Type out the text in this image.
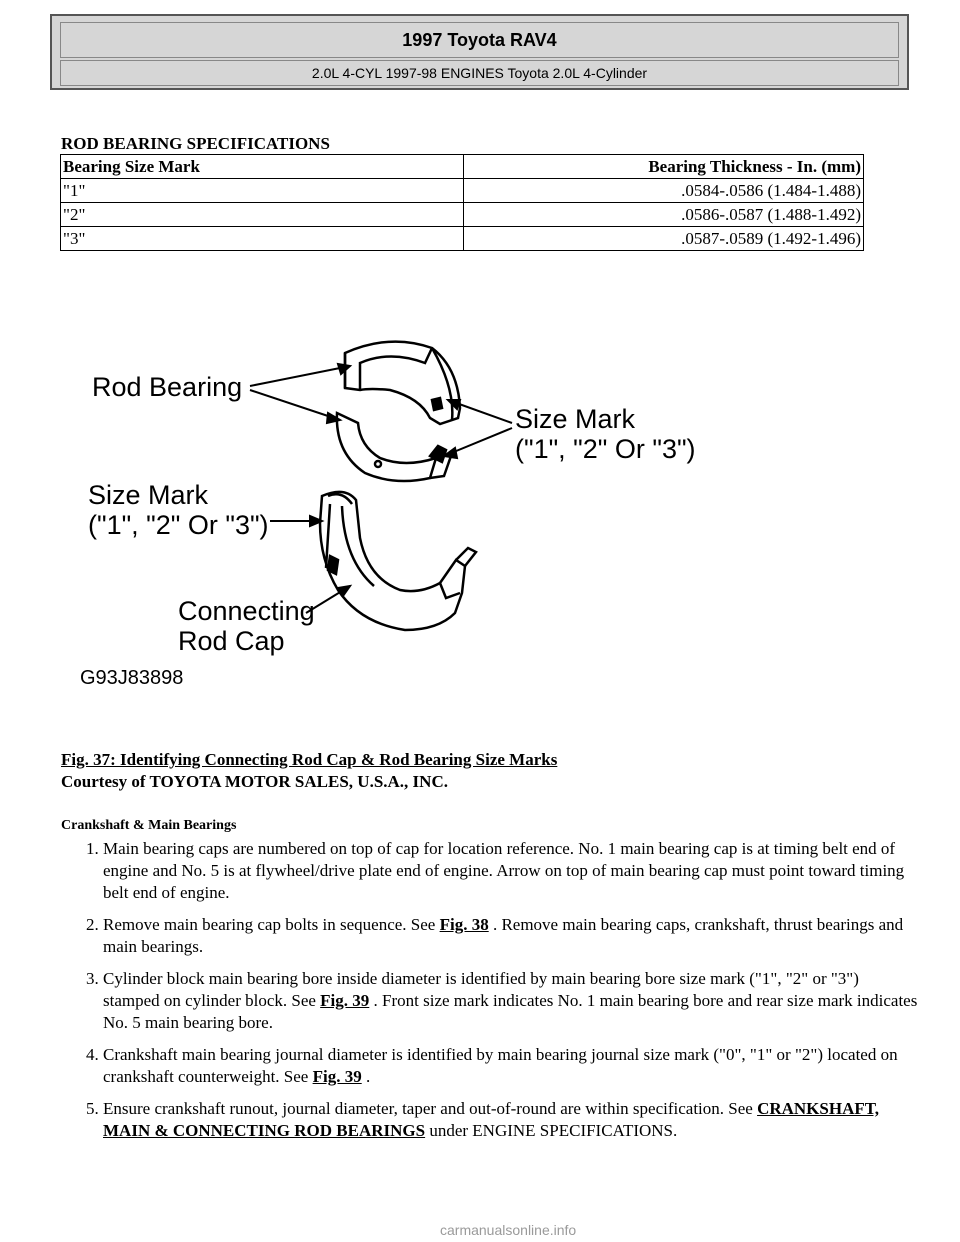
1997 Toyota RAV4
2.0L 4-CYL 1997-98 ENGINES Toyota 2.0L 4-Cylinder
ROD BEARING SPECIFICATIONS
Bearing Size Mark	Bearing Thickness - In. (mm)
"1"	.0584-.0586 (1.484-1.488)
"2"	.0586-.0587 (1.488-1.492)
"3"	.0587-.0589 (1.492-1.496)
Rod Bearing
Size Mark
("1", "2" Or "3")
Size Mark
("1", "2" Or "3")
Connecting
Rod Cap
G93J83898
Fig. 37: Identifying Connecting Rod Cap & Rod Bearing Size Marks
Courtesy of TOYOTA MOTOR SALES, U.S.A., INC.
Crankshaft & Main Bearings
1. Main bearing caps are numbered on top of cap for location reference. No. 1 main bearing cap is at timing belt end of engine and No. 5 is at flywheel/drive plate end of engine. Arrow on top of main bearing cap must point toward timing belt end of engine.
2. Remove main bearing cap bolts in sequence. See Fig. 38 . Remove main bearing caps, crankshaft, thrust bearings and main bearings.
3. Cylinder block main bearing bore inside diameter is identified by main bearing bore size mark ("1", "2" or "3") stamped on cylinder block. See Fig. 39 . Front size mark indicates No. 1 main bearing bore and rear size mark indicates No. 5 main bearing bore.
4. Crankshaft main bearing journal diameter is identified by main bearing journal size mark ("0", "1" or "2") located on crankshaft counterweight. See Fig. 39 .
5. Ensure crankshaft runout, journal diameter, taper and out-of-round are within specification. See CRANKSHAFT, MAIN & CONNECTING ROD BEARINGS under ENGINE SPECIFICATIONS.
carmanualsonline.info
